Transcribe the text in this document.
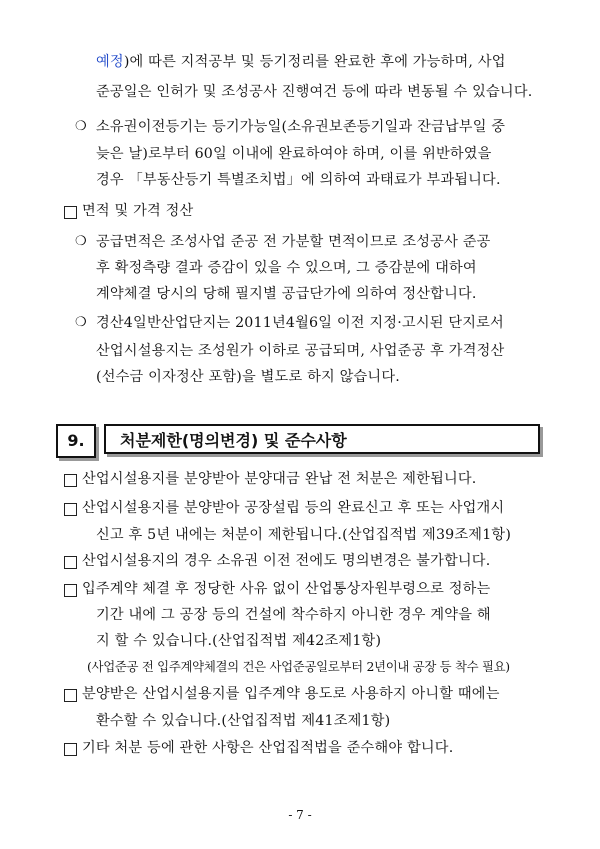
예정)에 따른 지적공부 및 등기정리를 완료한 후에 가능하며, 사업
준공일은 인허가 및 조성공사 진행여건 등에 따라 변동될 수 있습니다.
❍ 소유권이전등기는 등기가능일(소유권보존등기일과 잔금납부일 중
늦은 날)로부터 60일 이내에 완료하여야 하며, 이를 위반하였을
경우 「부동산등기 특별조치법」에 의하여 과태료가 부과됩니다.
면적 및 가격 정산
❍ 공급면적은 조성사업 준공 전 가분할 면적이므로 조성공사 준공
후 확정측량 결과 증감이 있을 수 있으며, 그 증감분에 대하여
계약체결 당시의 당해 필지별 공급단가에 의하여 정산합니다.
❍ 경산4일반산업단지는 2011년4월6일 이전 지정·고시된 단지로서
산업시설용지는 조성원가 이하로 공급되며, 사업준공 후 가격정산
(선수금 이자정산 포함)을 별도로 하지 않습니다.
9.	처분제한(명의변경) 및 준수사항
산업시설용지를 분양받아 분양대금 완납 전 처분은 제한됩니다.
산업시설용지를 분양받아 공장설립 등의 완료신고 후 또는 사업개시
신고 후 5년 내에는 처분이 제한됩니다.(산업집적법 제39조제1항)
산업시설용지의 경우 소유권 이전 전에도 명의변경은 불가합니다.
입주계약 체결 후 정당한 사유 없이 산업통상자원부령으로 정하는
기간 내에 그 공장 등의 건설에 착수하지 아니한 경우 계약을 해
지 할 수 있습니다.(산업집적법 제42조제1항)
(사업준공 전 입주계약체결의 건은 사업준공일로부터 2년이내 공장 등 착수 필요)
분양받은 산업시설용지를 입주계약 용도로 사용하지 아니할 때에는
환수할 수 있습니다.(산업집적법 제41조제1항)
기타 처분 등에 관한 사항은 산업집적법을 준수해야 합니다.
- 7 -
